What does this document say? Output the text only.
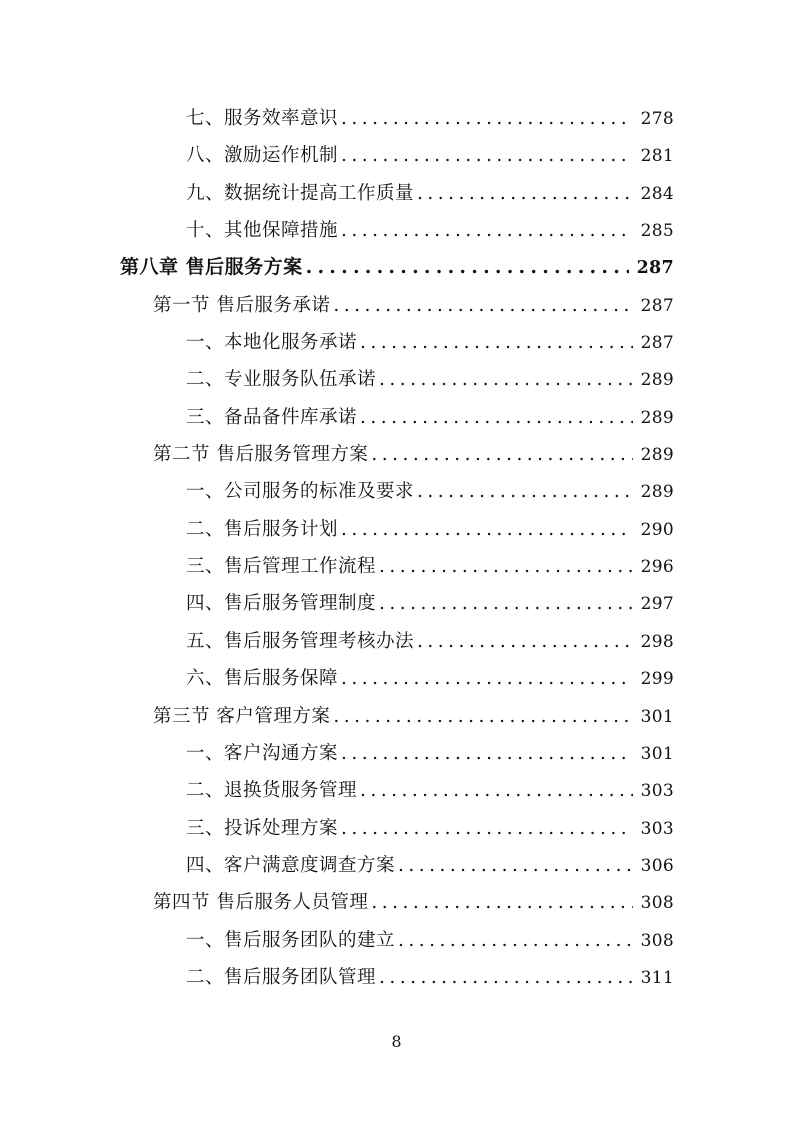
七、服务效率意识 . . .	278
八、激励运作机制 . . .	281
九、数据统计提高工作质量 . . .	284
十、其他保障措施 . . .	285
第八章 售后服务方案 . . .	287
第一节 售后服务承诺 . . .	287
一、本地化服务承诺 . . .	287
二、专业服务队伍承诺 . . .	289
三、备品备件库承诺 . . .	289
第二节 售后服务管理方案 . . .	289
一、公司服务的标准及要求 . . .	289
二、售后服务计划 . . .	290
三、售后管理工作流程 . . .	296
四、售后服务管理制度 . . .	297
五、售后服务管理考核办法 . . .	298
六、售后服务保障 . . .	299
第三节 客户管理方案 . . .	301
一、客户沟通方案 . . .	301
二、退换货服务管理 . . .	303
三、投诉处理方案 . . .	303
四、客户满意度调查方案 . . .	306
第四节 售后服务人员管理 . . .	308
一、售后服务团队的建立 . . .	308
二、售后服务团队管理 . . .	311
8
